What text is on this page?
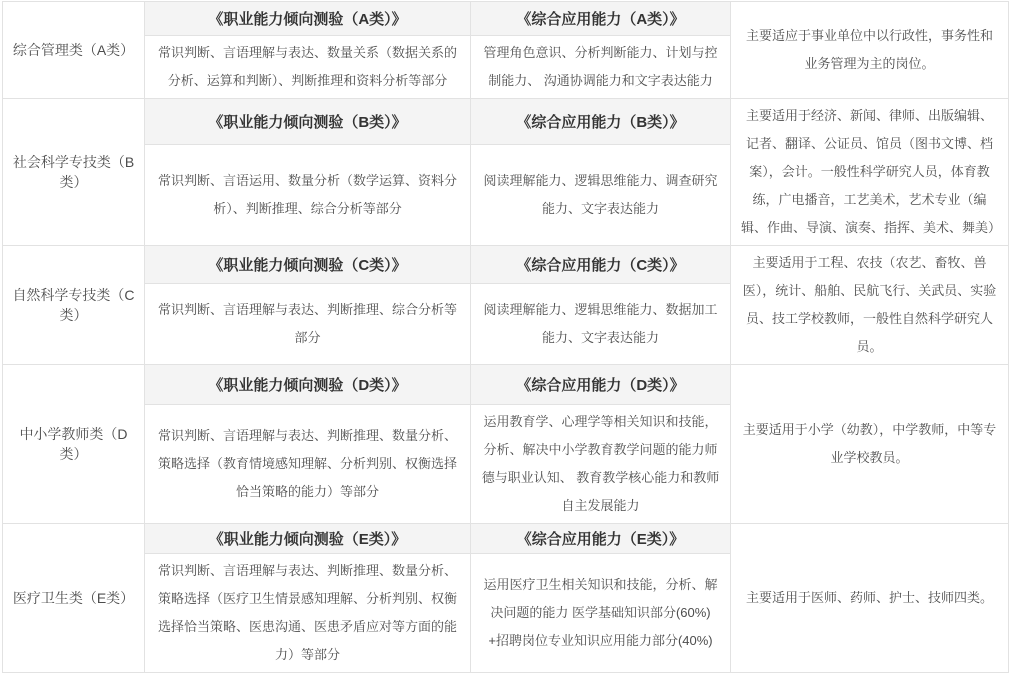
综合管理类（A类）	《职业能力倾向测验（A类）》	《综合应用能力（A类）》	主要适应于事业单位中以行政性，事务性和业务管理为主的岗位。
	常识判断、言语理解与表达、数量关系（数据关系的分析、运算和判断）、判断推理和资料分析等部分	管理角色意识、分析判断能力、计划与控制能力、 沟通协调能力和文字表达能力	
社会科学专技类（B类）	《职业能力倾向测验（B类）》	《综合应用能力（B类）》	主要适用于经济、新闻、律师、出版编辑、记者、翻译、公证员、馆员（图书文博、档案），会计。一般性科学研究人员，体育教练，广电播音，工艺美术，艺术专业（编辑、作曲、导演、演奏、指挥、美术、舞美）
	常识判断、言语运用、数量分析（数学运算、资料分析）、判断推理、综合分析等部分	阅读理解能力、逻辑思维能力、调查研究能力、文字表达能力	
自然科学专技类（C类）	《职业能力倾向测验（C类）》	《综合应用能力（C类）》	主要适用于工程、农技（农艺、畜牧、兽医），统计、船舶、民航飞行、关武员、实验员、技工学校教师，一般性自然科学研究人员。
	常识判断、言语理解与表达、判断推理、综合分析等部分	阅读理解能力、逻辑思维能力、数据加工能力、文字表达能力	
中小学教师类（D类）	《职业能力倾向测验（D类）》	《综合应用能力（D类）》	主要适用于小学（幼教），中学教师，中等专业学校教员。
	常识判断、言语理解与表达、判断推理、数量分析、 策略选择（教育情境感知理解、分析判别、权衡选择 恰当策略的能力）等部分	运用教育学、心理学等相关知识和技能，分析、解决中小学教育教学问题的能力师德与职业认知、 教育教学核心能力和教师自主发展能力	
医疗卫生类（E类）	《职业能力倾向测验（E类）》	《综合应用能力（E类）》	主要适用于医师、药师、护士、技师四类。
	常识判断、言语理解与表达、判断推理、数量分析、 策略选择（医疗卫生情景感知理解、分析判别、权衡选择恰当策略、医患沟通、医患矛盾应对等方面的能力）等部分	运用医疗卫生相关知识和技能，分析、解决问题的能力 医学基础知识部分(60%)+招聘岗位专业知识应用能力部分(40%)	
